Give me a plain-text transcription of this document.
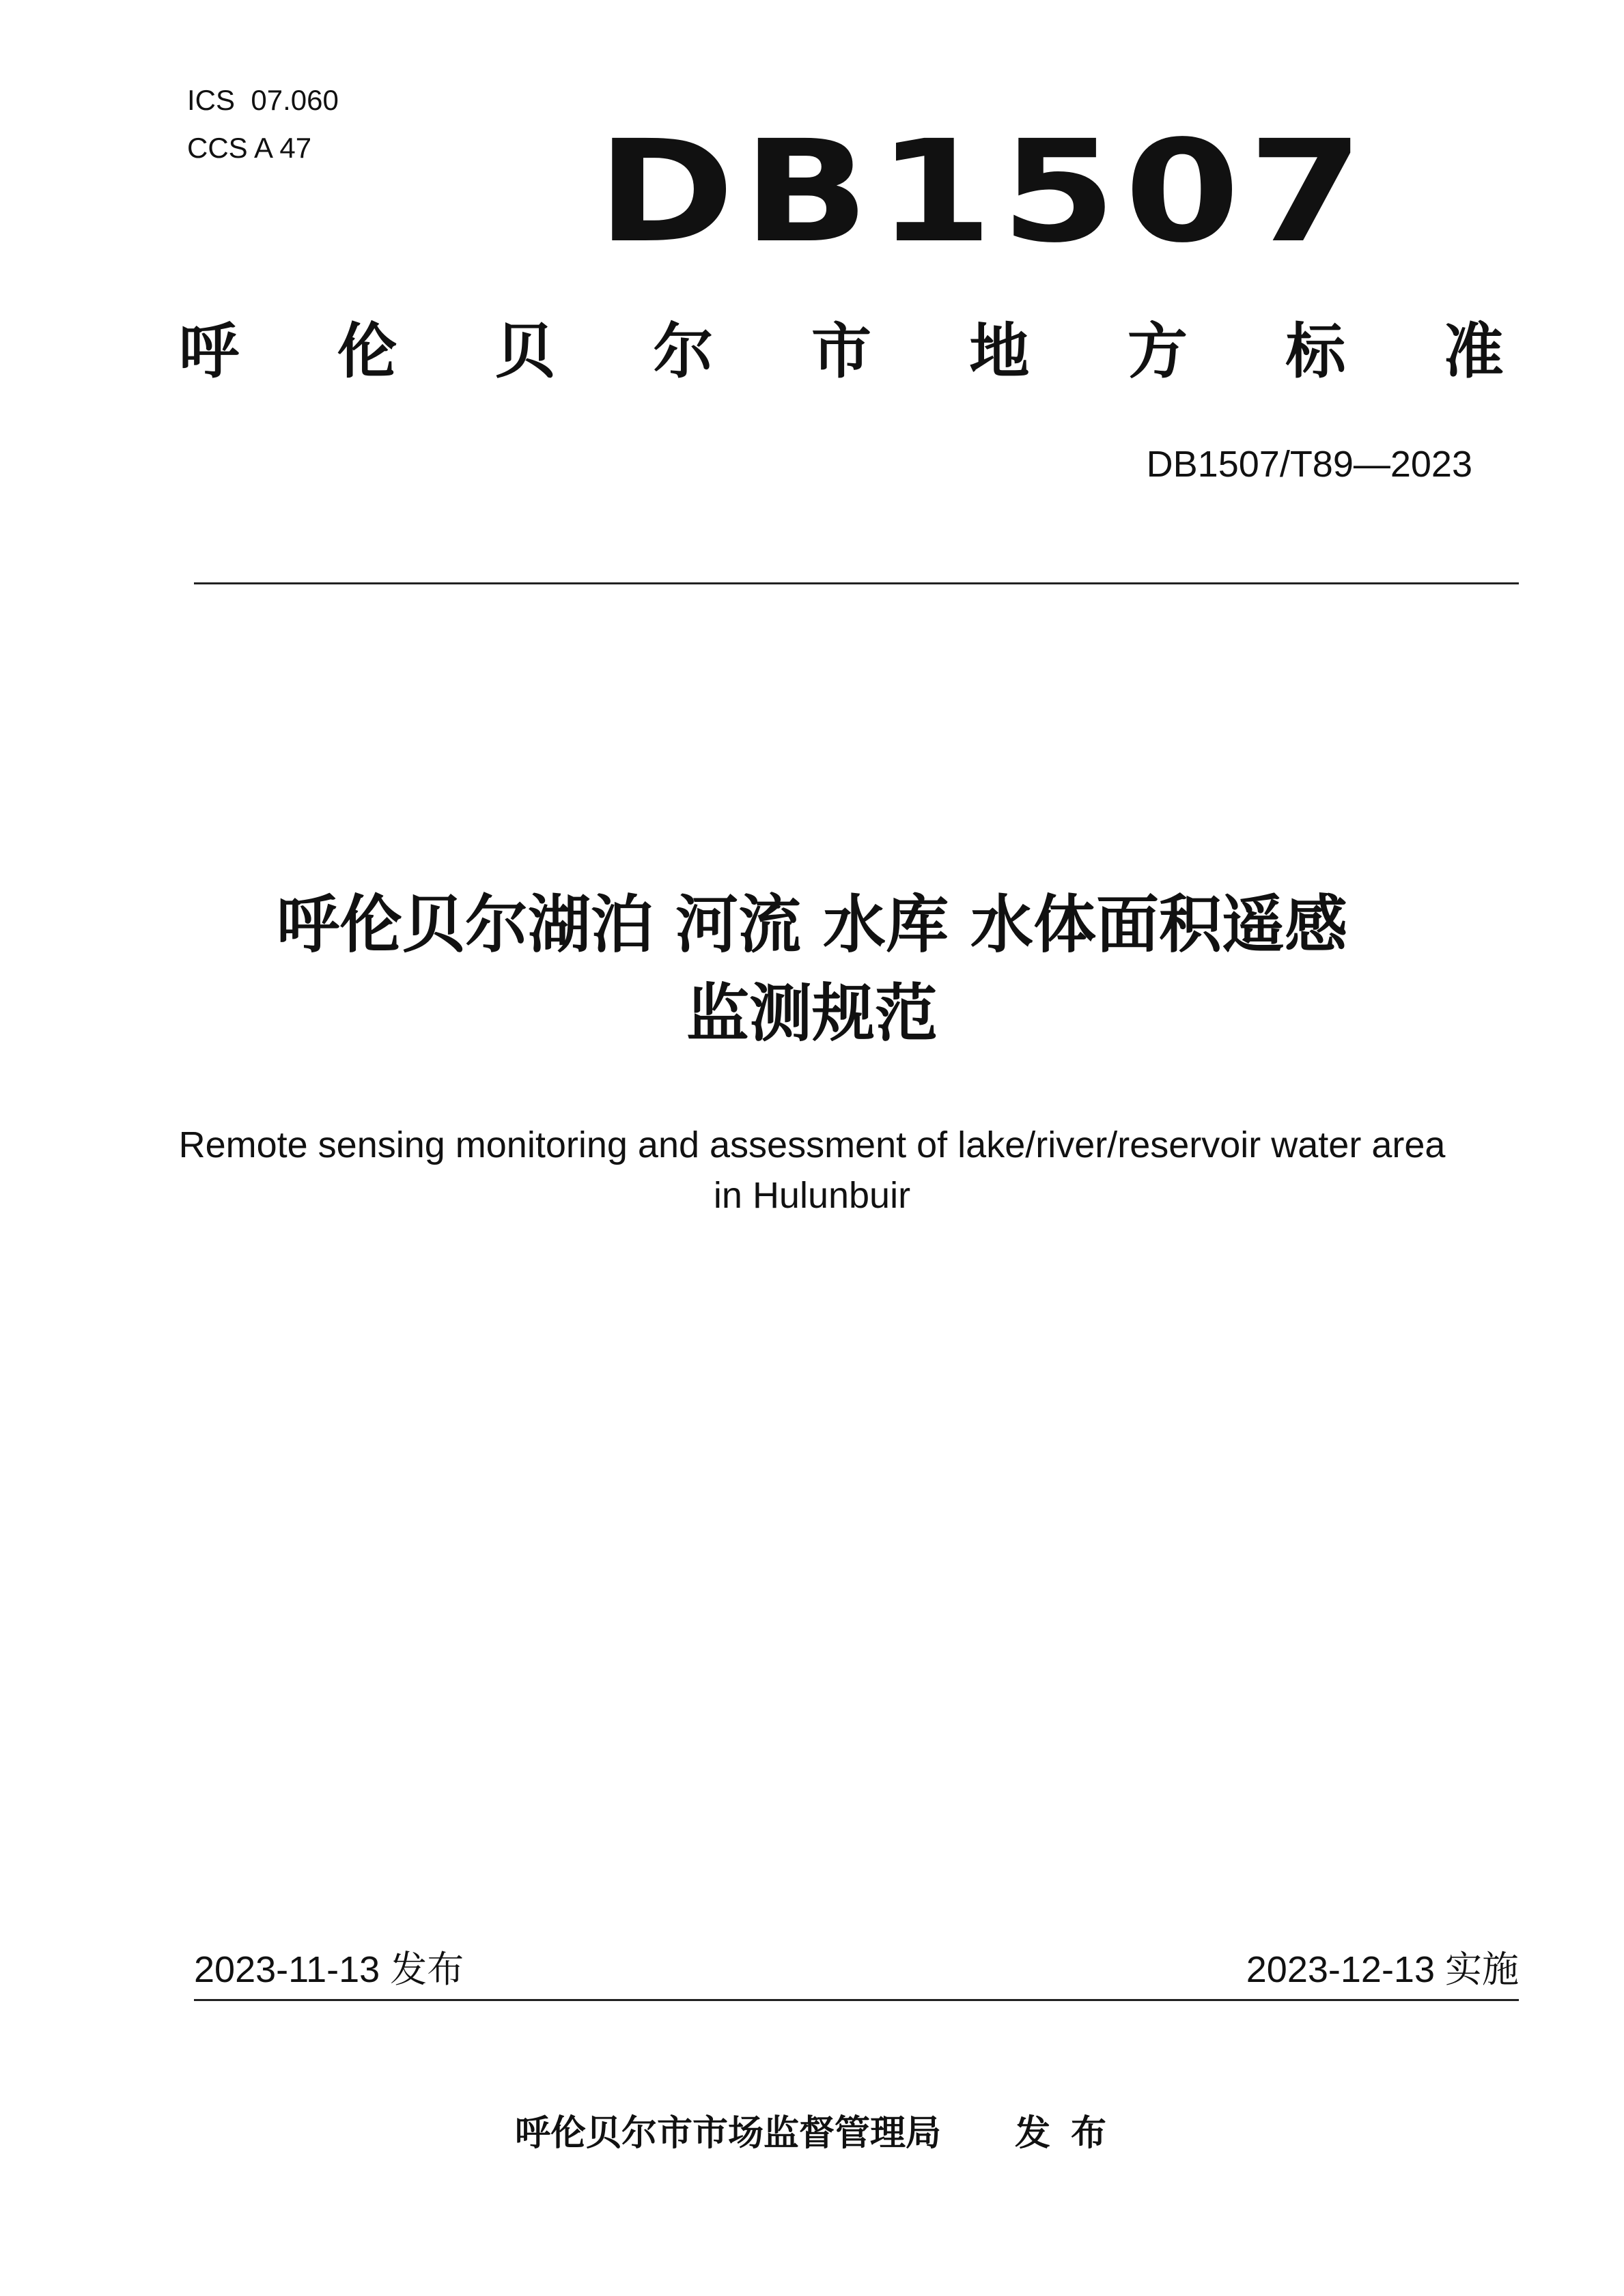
ICS  07.060
CCS A 47 DB1507
呼 伦 贝 尔 市 地 方 标 准
DB1507/T89—2023
呼伦贝尔湖泊 河流 水库 水体面积遥感
监测规范
Remote sensing monitoring and assessment of lake/river/reservoir water area
in Hulunbuir
2023-11-13 发布	2023-12-13 实施
呼伦贝尔市市场监督管理局 发布
